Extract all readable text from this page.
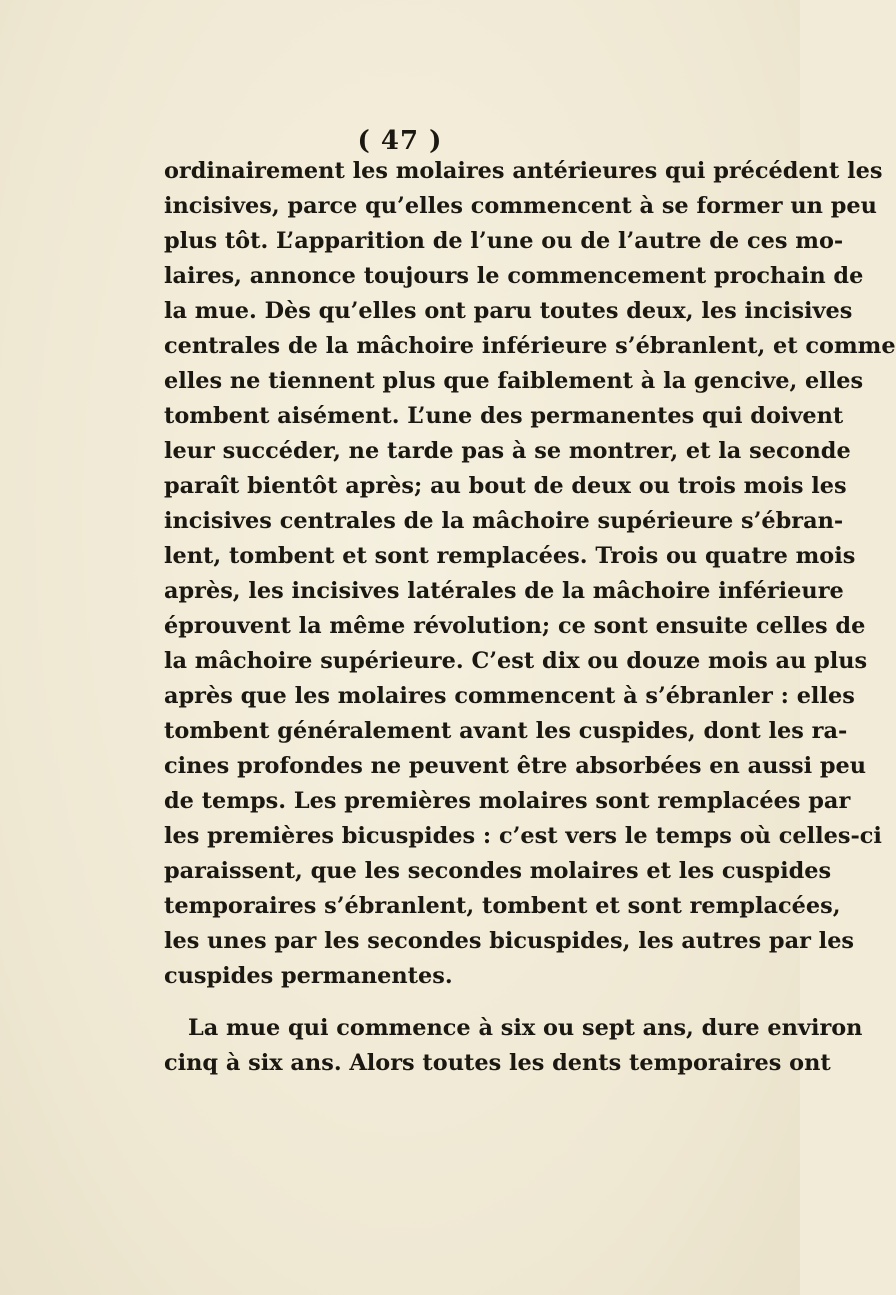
( 47 )
ordinairement les molaires antérieures qui précédent les
incisives, parce qu’elles commencent à se former un peu
plus tôt. L’apparition de l’une ou de l’autre de ces mo-
laires, annonce toujours le commencement prochain de
la mue. Dès qu’elles ont paru toutes deux, les incisives
centrales de la mâchoire inférieure s’ébranlent, et comme
elles ne tiennent plus que faiblement à la gencive, elles
tombent aisément. L’une des permanentes qui doivent
leur succéder, ne tarde pas à se montrer, et la seconde
paraît bientôt après; au bout de deux ou trois mois les
incisives centrales de la mâchoire supérieure s’ébran-
lent, tombent et sont remplacées. Trois ou quatre mois
après, les incisives latérales de la mâchoire inférieure
éprouvent la même révolution; ce sont ensuite celles de
la mâchoire supérieure. C’est dix ou douze mois au plus
après que les molaires commencent à s’ébranler : elles
tombent généralement avant les cuspides, dont les ra-
cines profondes ne peuvent être absorbées en aussi peu
de temps. Les premières molaires sont remplacées par
les premières bicuspides : c’est vers le temps où celles-ci
paraissent, que les secondes molaires et les cuspides
temporaires s’ébranlent, tombent et sont remplacées,
les unes par les secondes bicuspides, les autres par les
cuspides permanentes.
La mue qui commence à six ou sept ans, dure environ
cinq à six ans. Alors toutes les dents temporaires ont
